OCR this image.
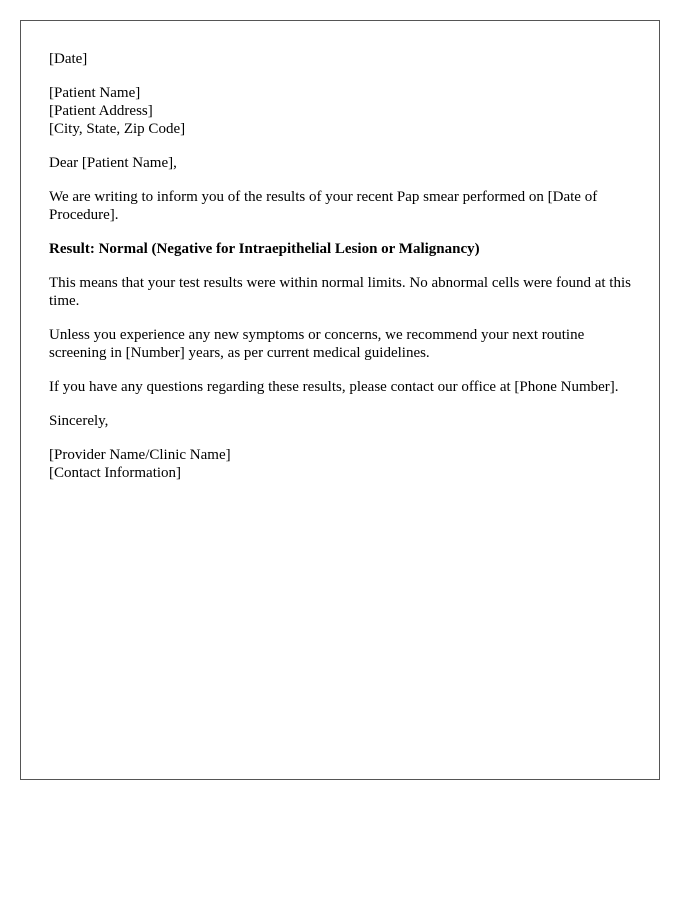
[Date]
[Patient Name]
[Patient Address]
[City, State, Zip Code]
Dear [Patient Name],
We are writing to inform you of the results of your recent Pap smear performed on [Date of Procedure].
Result: Normal (Negative for Intraepithelial Lesion or Malignancy)
This means that your test results were within normal limits. No abnormal cells were found at this time.
Unless you experience any new symptoms or concerns, we recommend your next routine screening in [Number] years, as per current medical guidelines.
If you have any questions regarding these results, please contact our office at [Phone Number].
Sincerely,
[Provider Name/Clinic Name]
[Contact Information]
